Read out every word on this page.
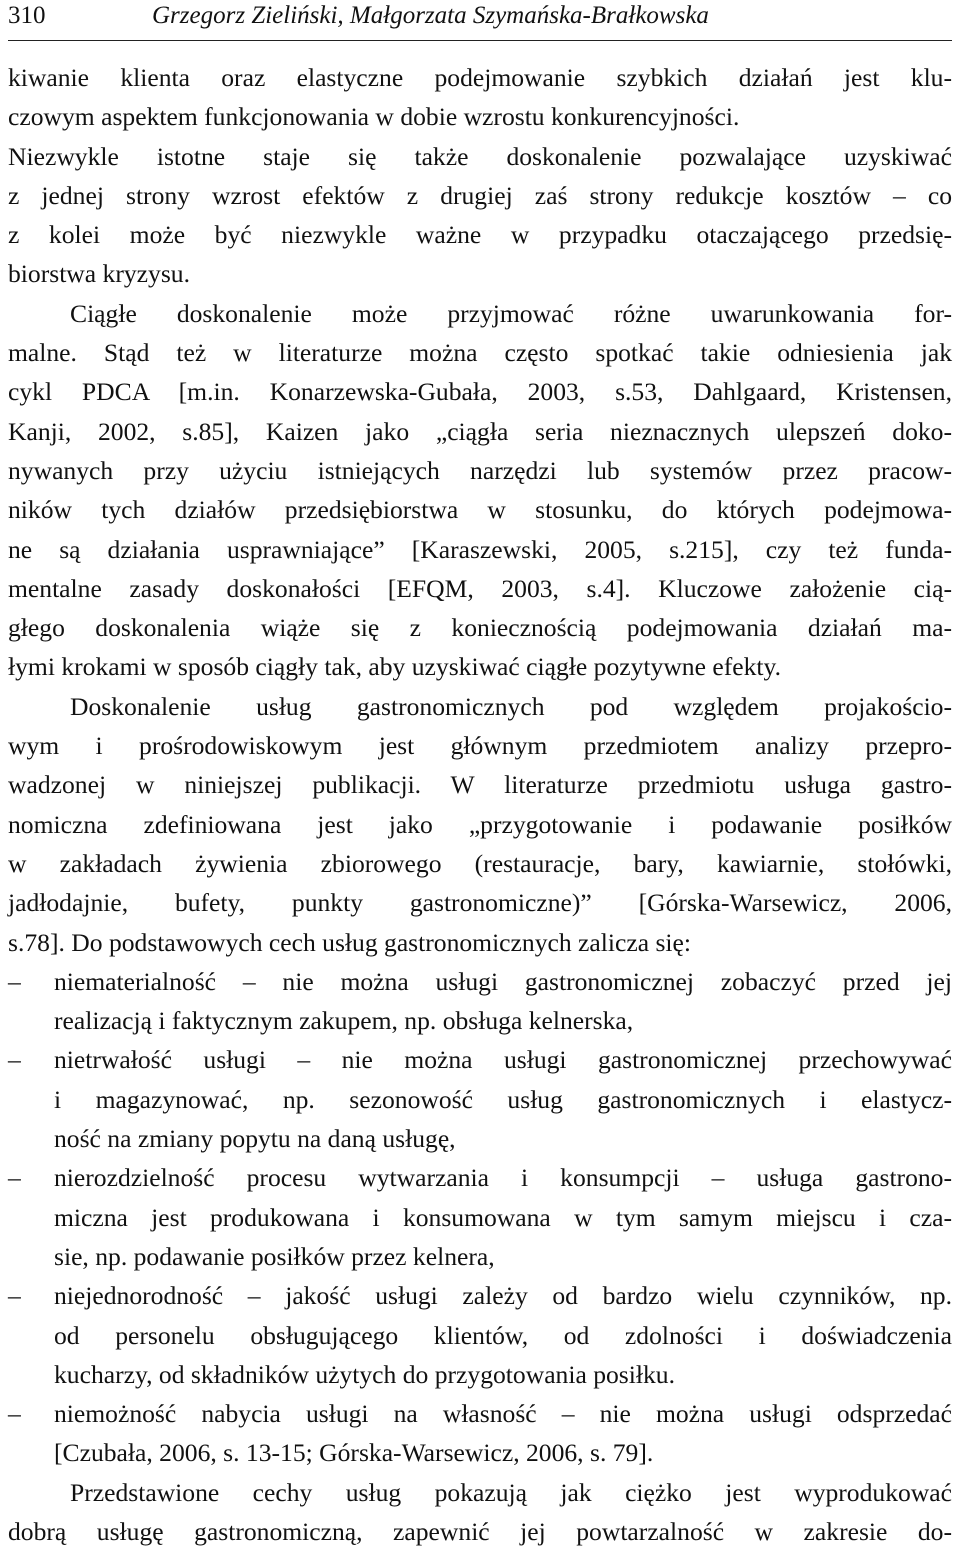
310	Grzegorz Zieliński, Małgorzata Szymańska-Brałkowska
kiwanie klienta oraz elastyczne podejmowanie szybkich działań jest klu-
czowym aspektem funkcjonowania w dobie wzrostu konkurencyjności.
Niezwykle istotne staje się także doskonalenie pozwalające uzyskiwać
z jednej strony wzrost efektów z drugiej zaś strony redukcje kosztów – co
z kolei może być niezwykle ważne w przypadku otaczającego przedsię-
biorstwa kryzysu.
Ciągłe doskonalenie może przyjmować różne uwarunkowania for-
malne. Stąd też w literaturze można często spotkać takie odniesienia jak
cykl PDCA [m.in. Konarzewska-Gubała, 2003, s.53, Dahlgaard, Kristensen,
Kanji, 2002, s.85], Kaizen jako „ciągła seria nieznacznych ulepszeń doko-
nywanych przy użyciu istniejących narzędzi lub systemów przez pracow-
ników tych działów przedsiębiorstwa w stosunku, do których podejmowa-
ne są działania usprawniające” [Karaszewski, 2005, s.215], czy też funda-
mentalne zasady doskonałości [EFQM, 2003, s.4]. Kluczowe założenie cią-
głego doskonalenia wiąże się z koniecznością podejmowania działań ma-
łymi krokami w sposób ciągły tak, aby uzyskiwać ciągłe pozytywne efekty.
Doskonalenie usług gastronomicznych pod względem projakościo-
wym i prośrodowiskowym jest głównym przedmiotem analizy przepro-
wadzonej w niniejszej publikacji. W literaturze przedmiotu usługa gastro-
nomiczna zdefiniowana jest jako „przygotowanie i podawanie posiłków
w zakładach żywienia zbiorowego (restauracje, bary, kawiarnie, stołówki,
jadłodajnie, bufety, punkty gastronomiczne)” [Górska-Warsewicz, 2006,
s.78]. Do podstawowych cech usług gastronomicznych zalicza się:
– niematerialność – nie można usługi gastronomicznej zobaczyć przed jej
realizacją i faktycznym zakupem, np. obsługa kelnerska,
– nietrwałość usługi – nie można usługi gastronomicznej przechowywać
i magazynować, np. sezonowość usług gastronomicznych i elastycz-
ność na zmiany popytu na daną usługę,
– nierozdzielność procesu wytwarzania i konsumpcji – usługa gastrono-
miczna jest produkowana i konsumowana w tym samym miejscu i cza-
sie, np. podawanie posiłków przez kelnera,
– niejednorodność – jakość usługi zależy od bardzo wielu czynników, np.
od personelu obsługującego klientów, od zdolności i doświadczenia
kucharzy, od składników użytych do przygotowania posiłku.
– niemożność nabycia usługi na własność – nie można usługi odsprzedać
[Czubała, 2006, s. 13-15; Górska-Warsewicz, 2006, s. 79].
Przedstawione cechy usług pokazują jak ciężko jest wyprodukować
dobrą usługę gastronomiczną, zapewnić jej powtarzalność w zakresie do-
